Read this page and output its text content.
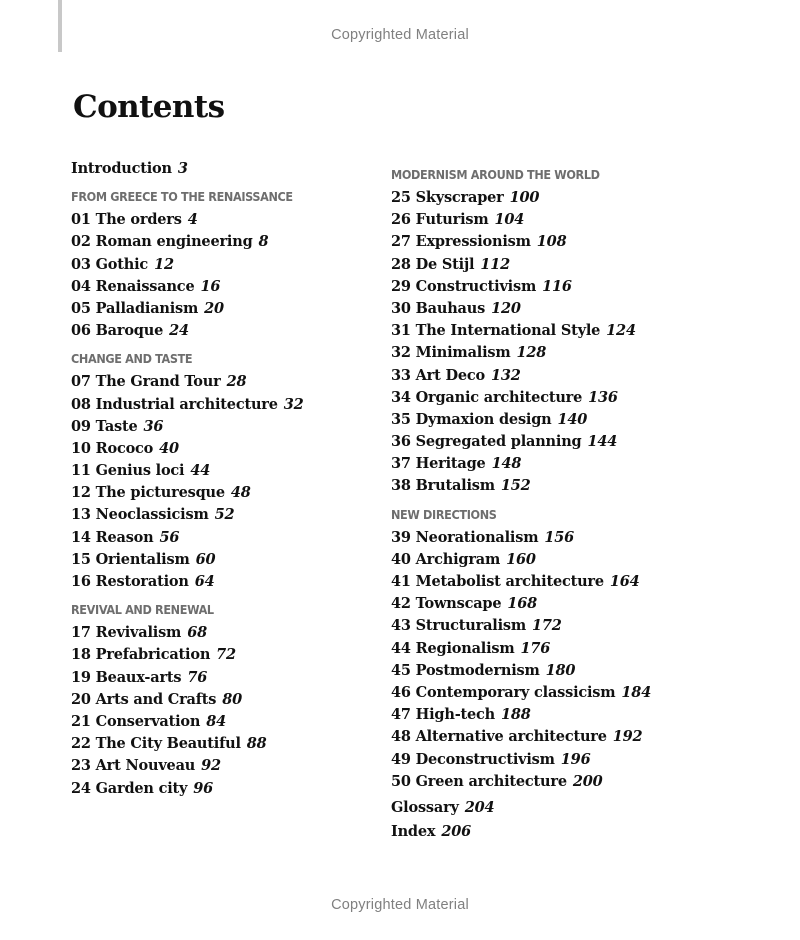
Copyrighted Material
Contents
Introduction 3
FROM GREECE TO THE RENAISSANCE
01 The orders 4
02 Roman engineering 8
03 Gothic 12
04 Renaissance 16
05 Palladianism 20
06 Baroque 24
CHANGE AND TASTE
07 The Grand Tour 28
08 Industrial architecture 32
09 Taste 36
10 Rococo 40
11 Genius loci 44
12 The picturesque 48
13 Neoclassicism 52
14 Reason 56
15 Orientalism 60
16 Restoration 64
REVIVAL AND RENEWAL
17 Revivalism 68
18 Prefabrication 72
19 Beaux-arts 76
20 Arts and Crafts 80
21 Conservation 84
22 The City Beautiful 88
23 Art Nouveau 92
24 Garden city 96
MODERNISM AROUND THE WORLD
25 Skyscraper 100
26 Futurism 104
27 Expressionism 108
28 De Stijl 112
29 Constructivism 116
30 Bauhaus 120
31 The International Style 124
32 Minimalism 128
33 Art Deco 132
34 Organic architecture 136
35 Dymaxion design 140
36 Segregated planning 144
37 Heritage 148
38 Brutalism 152
NEW DIRECTIONS
39 Neorationalism 156
40 Archigram 160
41 Metabolist architecture 164
42 Townscape 168
43 Structuralism 172
44 Regionalism 176
45 Postmodernism 180
46 Contemporary classicism 184
47 High-tech 188
48 Alternative architecture 192
49 Deconstructivism 196
50 Green architecture 200
Glossary 204
Index 206
Copyrighted Material
